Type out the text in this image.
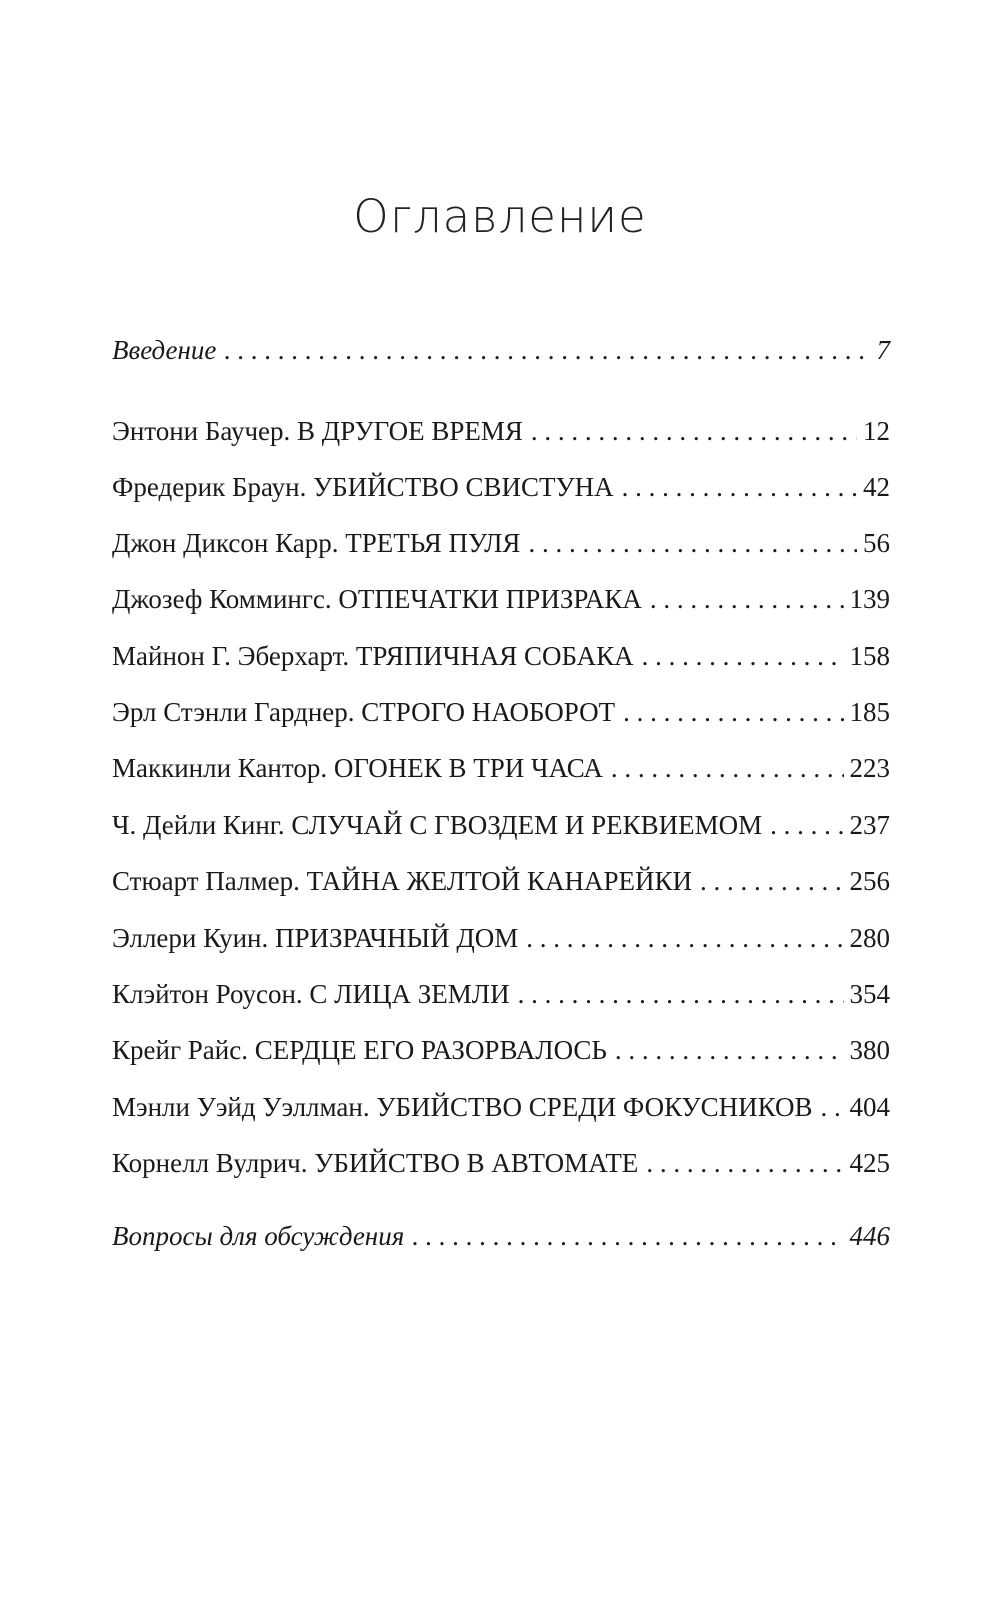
Оглавление
Введение . . .	7
Энтони Баучер. В ДРУГОЕ ВРЕМЯ . . .	12
Фредерик Браун. УБИЙСТВО СВИСТУНА . . .	42
Джон Диксон Карр. ТРЕТЬЯ ПУЛЯ . . .	56
Джозеф Коммингс. ОТПЕЧАТКИ ПРИЗРАКА . . .	139
Майнон Г. Эберхарт. ТРЯПИЧНАЯ СОБАКА . . .	158
Эрл Стэнли Гарднер. СТРОГО НАОБОРОТ . . .	185
Маккинли Кантор. ОГОНЕК В ТРИ ЧАСА . . .	223
Ч. Дейли Кинг. СЛУЧАЙ С ГВОЗДЕМ И РЕКВИЕМОМ . . .	237
Стюарт Палмер. ТАЙНА ЖЕЛТОЙ КАНАРЕЙКИ . . .	256
Эллери Куин. ПРИЗРАЧНЫЙ ДОМ . . .	280
Клэйтон Роусон. С ЛИЦА ЗЕМЛИ . . .	354
Крейг Райс. СЕРДЦЕ ЕГО РАЗОРВАЛОСЬ . . .	380
Мэнли Уэйд Уэллман. УБИЙСТВО СРЕДИ ФОКУСНИКОВ . . . 404
Корнелл Вулрич. УБИЙСТВО В АВТОМАТЕ . . .	425
Вопросы для обсуждения . . .	446
